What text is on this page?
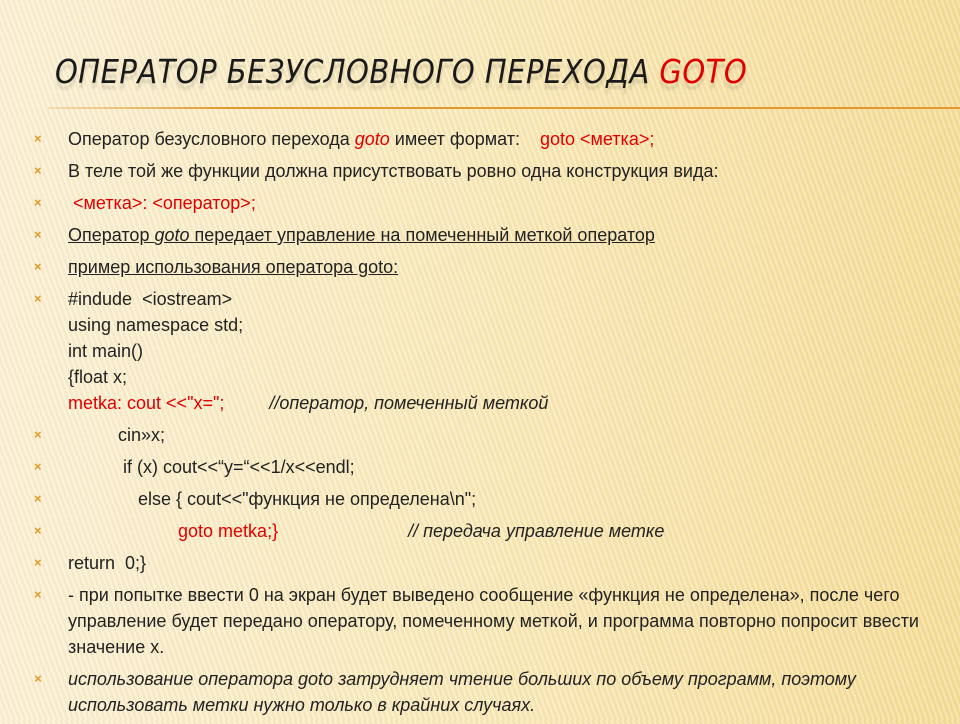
ОПЕРАТОР БЕЗУСЛОВНОГО ПЕРЕХОДА GOTO
× Оператор безусловного перехода goto имеет формат:    goto <метка>;
× В теле той же функции должна присутствовать ровно одна конструкция вида:
× <метка>: <оператор>;
× Оператор goto передает управление на помеченный меткой оператор
× пример использования оператора goto:
× #indude  <iostream>
using namespace std;
int main()
{float x;
metka: cout <<"x=";         //оператор, помеченный меткой
× cin»x;
× if (x) cout<<“y=“<<1/x<<endl;
× else { cout<<"функция не определена\n";
× goto metka;}                          // передача управление метке
× return  0;}
× - при попытке ввести 0 на экран будет выведено сообщение «функция не определена», после чего управление будет передано оператору, помеченному меткой, и программа повторно попросит ввести значение x.
× использование оператора goto затрудняет чтение больших по объему программ, поэтому использовать метки нужно только в крайних случаях.
